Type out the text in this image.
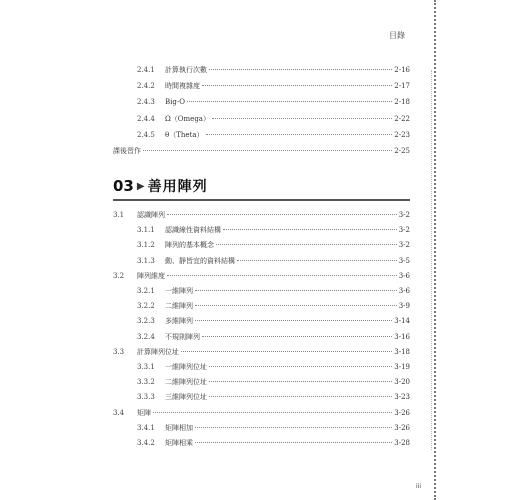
目錄
2.4.1	計算執行次數	2-16
2.4.2	時間複雜度	2-17
2.4.3	Big-O	2-18
2.4.4	Ω（Omega）	2-22
2.4.5	θ（Theta）	2-23
課後習作	2-25
03 ▶ 善用陣列
3.1	認識陣列	3-2
3.1.1	認識線性資料結構	3-2
3.1.2	陣列的基本概念	3-2
3.1.3	動、靜皆宜的資料結構	3-5
3.2	陣列維度	3-6
3.2.1	一維陣列	3-6
3.2.2	二維陣列	3-9
3.2.3	多維陣列	3-14
3.2.4	不規則陣列	3-16
3.3	計算陣列位址	3-18
3.3.1	一維陣列位址	3-19
3.3.2	二維陣列位址	3-20
3.3.3	三維陣列位址	3-23
3.4	矩陣	3-26
3.4.1	矩陣相加	3-26
3.4.2	矩陣相乘	3-28
iii
